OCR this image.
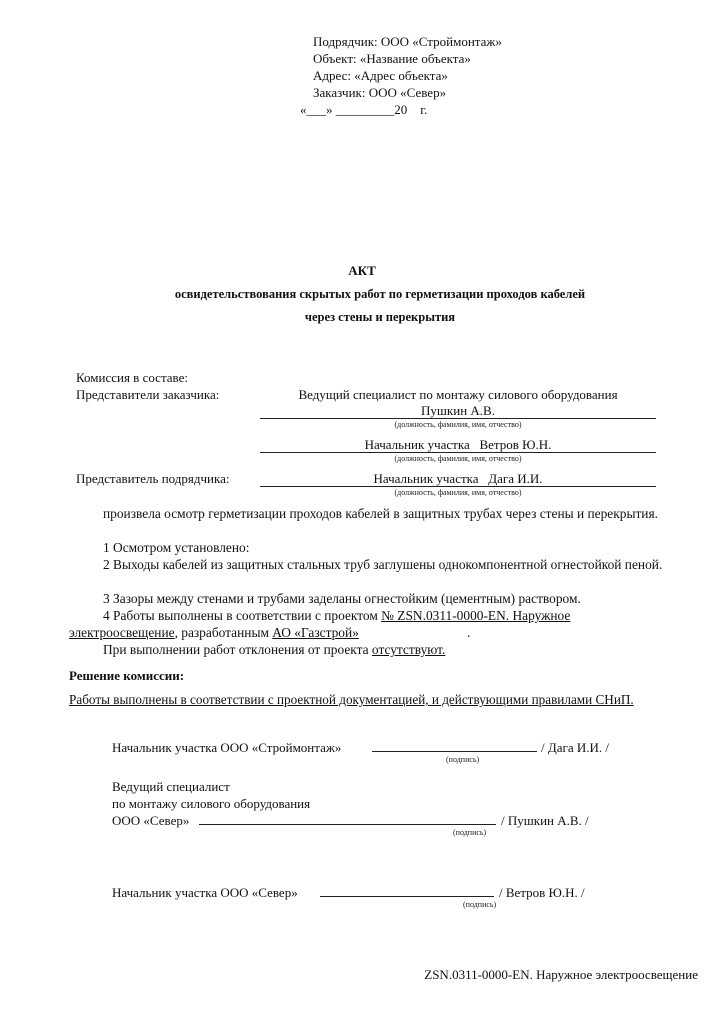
Подрядчик: ООО «Строймонтаж»
Объект: «Название объекта»
Адрес: «Адрес объекта»
Заказчик: ООО «Север»
«___» _________20    г.
АКТ
освидетельствования скрытых работ по герметизации проходов кабелей
через стены и перекрытия
Комиссия в составе:
Представители заказчика:	Ведущий специалист по монтажу силового оборудования
Пушкин А.В.
(должность, фамилия, имя, отчество)
Начальник участка   Ветров Ю.Н.
(должность, фамилия, имя, отчество)
Представитель подрядчика:	Начальник участка   Дага И.И.
(должность, фамилия, имя, отчество)
произвела осмотр герметизации проходов кабелей в защитных трубах через стены и перекрытия.
1 Осмотром установлено:
2 Выходы кабелей из защитных стальных труб заглушены однокомпонентной огнестойкой пеной.
3 Зазоры между стенами и трубами заделаны огнестойким (цементным) раствором.
4 Работы выполнены в соответствии с проектом № ZSN.0311-0000-EN. Наружное
электроосвещение, разработанным АО «Газстрой»	.
При выполнении работ отклонения от проекта отсутствуют.
Решение комиссии:
Работы выполнены в соответствии с проектной документацией, и действующими правилами СНиП.
Начальник участка ООО «Строймонтаж»	/ Дага И.И. /
(подпись)
Ведущий специалист
по монтажу силового оборудования
ООО «Север»	/ Пушкин А.В. /
(подпись)
Начальник участка ООО «Север»	/ Ветров Ю.Н. /
(подпись)
ZSN.0311-0000-EN. Наружное электроосвещение
